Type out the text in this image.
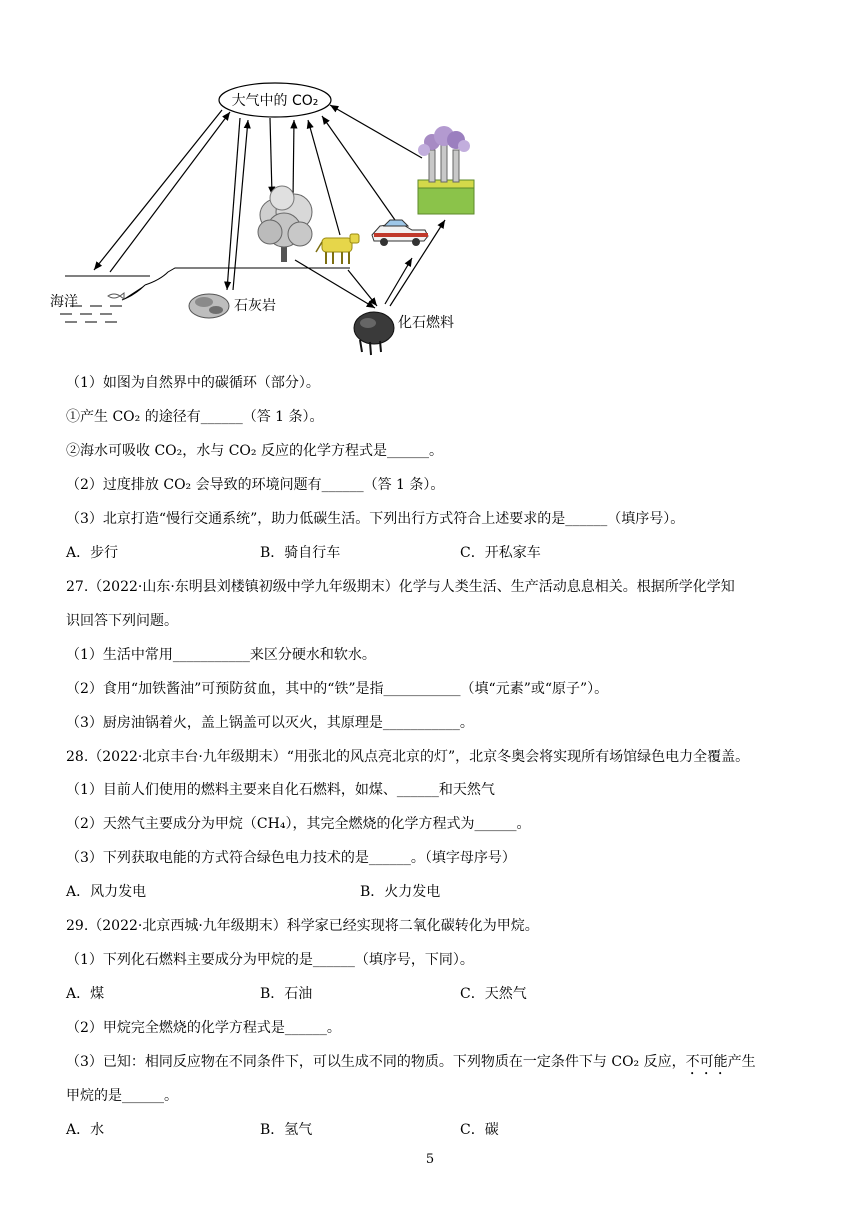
大气中的 CO₂
石灰岩
化石燃料
海洋
（1）如图为自然界中的碳循环（部分）。
①产生 CO₂ 的途径有______（答 1 条）。
②海水可吸收 CO₂，水与 CO₂ 反应的化学方程式是______。
（2）过度排放 CO₂ 会导致的环境问题有______（答 1 条）。
（3）北京打造“慢行交通系统”，助力低碳生活。下列出行方式符合上述要求的是______（填序号）。
A．步行	B．骑自行车	C．开私家车
27.（2022·山东·东明县刘楼镇初级中学九年级期末）化学与人类生活、生产活动息息相关。根据所学化学知
识回答下列问题。
（1）生活中常用___________来区分硬水和软水。
（2）食用“加铁酱油”可预防贫血，其中的“铁”是指___________（填“元素”或“原子”）。
（3）厨房油锅着火，盖上锅盖可以灭火，其原理是___________。
28.（2022·北京丰台·九年级期末）“用张北的风点亮北京的灯”，北京冬奥会将实现所有场馆绿色电力全覆盖。
（1）目前人们使用的燃料主要来自化石燃料，如煤、______和天然气
（2）天然气主要成分为甲烷（CH₄），其完全燃烧的化学方程式为______。
（3）下列获取电能的方式符合绿色电力技术的是______。（填字母序号）
A．风力发电	B．火力发电
29.（2022·北京西城·九年级期末）科学家已经实现将二氧化碳转化为甲烷。
（1）下列化石燃料主要成分为甲烷的是______（填序号，下同）。
A．煤	B．石油	C．天然气
（2）甲烷完全燃烧的化学方程式是______。
（3）已知：相同反应物在不同条件下，可以生成不同的物质。下列物质在一定条件下与 CO₂ 反应，不可能产生
甲烷的是______。
A．水	B．氢气	C．碳
5
